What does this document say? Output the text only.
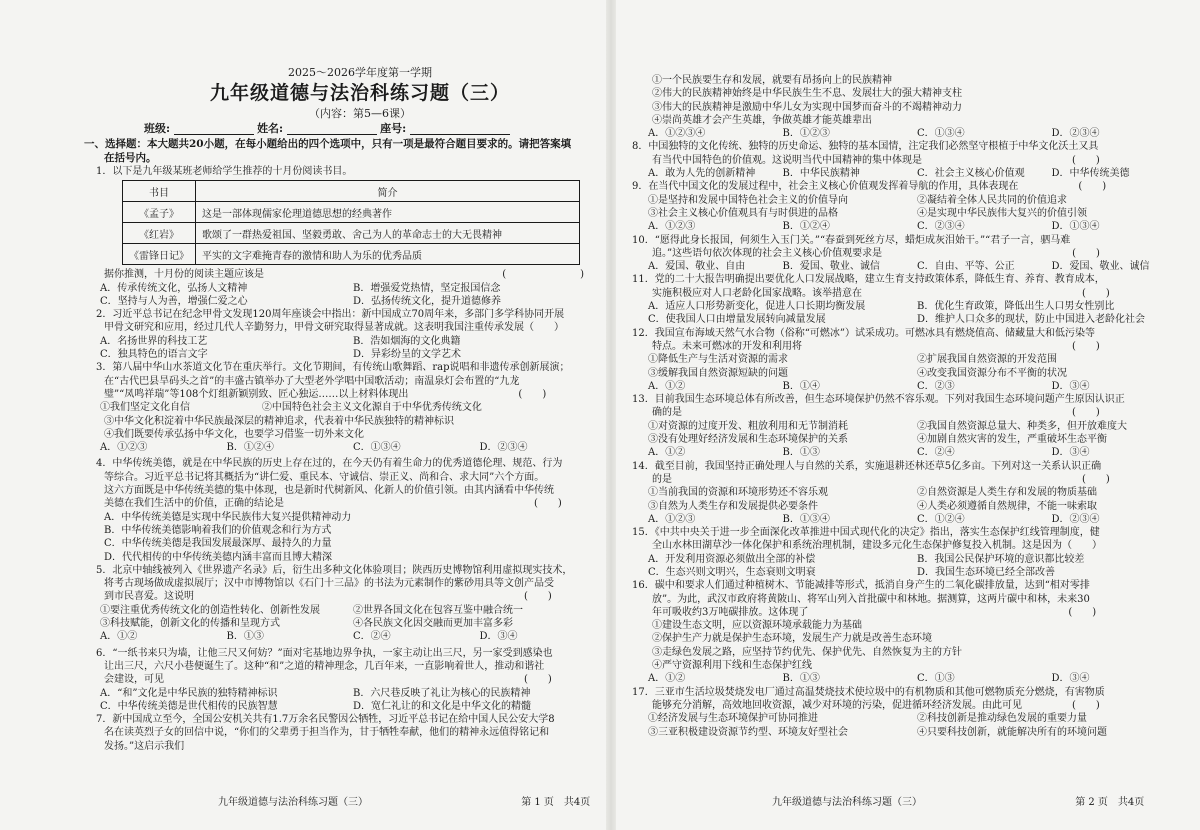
2025～2026学年度第一学期
九年级道德与法治科练习题（三）
（内容：第5—6课）
班级:	姓名:	座号:
一、选择题：本大题共20小题，在每小题给出的四个选项中，只有一项是最符合题目要求的。请把答案填
在括号内。
1．以下是九年级某班老师给学生推荐的十月份阅读书目。
书目	简介
《孟子》	这是一部体现儒家伦理道德思想的经典著作
《红岩》	歌颂了一群热爱祖国、坚毅勇敢、舍己为人的革命志士的大无畏精神
《雷锋日记》	平实的文字难掩青春的激情和助人为乐的优秀品质
据你推测，十月份的阅读主题应该是	(　　)
A．传承传统文化，弘扬人文精神	B．增强爱党热情，坚定报国信念
C．坚持与人为善，增强仁爱之心	D．弘扬传统文化，提升道德修养
2．习近平总书记在纪念甲骨文发现120周年座谈会中指出：新中国成立70周年来，多部门多学科协同开展
甲骨文研究和应用，经过几代人辛勤努力，甲骨文研究取得显著成就。这表明我国注重传承发展（　　）
A．名扬世界的科技工艺	B．浩如烟海的文化典籍
C．独具特色的语言文字	D．异彩纷呈的文学艺术
3．第八届中华山水茶道文化节在重庆举行。文化节期间，有传统山歌舞蹈、rap说唱和非遗传承创新展演；
在“古代巴县旱码头之首”的丰盛古镇举办了大型老外学唱中国歌活动；南温泉灯会布置的“九龙
璧”“凤鸣祥瑞”等108个灯组新颖别致、匠心独运……以上材料体现出　　　　　　　　　　　(　　)
①我们坚定文化自信	②中国特色社会主义文化源自于中华优秀传统文化
③中华文化积淀着中华民族最深层的精神追求，代表着中华民族独特的精神标识
④我们既要传承弘扬中华文化，也要学习借鉴一切外来文化
A．①②③	B．①②④	C．①③④	D．②③④
4．中华传统美德，就是在中华民族的历史上存在过的，在今天仍有着生命力的优秀道德伦理、规范、行为
等综合。习近平总书记将其概括为“讲仁爱、重民本、守诚信、崇正义、尚和合、求大同”六个方面。
这六方面既是中华传统美德的集中体现，也是新时代树新风、化新人的价值引领。由其内涵看中华传统
美德在我们生活中的价值，正确的结论是　　　　　　　　　　　　　　　　　　　　　　　　　(　　)
A．中华传统美德是实现中华民族伟大复兴提供精神动力
B．中华传统美德影响着我们的价值观念和行为方式
C．中华传统美德是我国发展最深厚、最持久的力量
D．代代相传的中华传统美德内涵丰富而且博大精深
5．北京中轴线被列入《世界遗产名录》后，衍生出多种文化体验项目；陕西历史博物馆利用虚拟现实技术，
将考古现场做成虚拟展厅；汉中市博物馆以《石门十三品》的书法为元素制作的紫砂用具等文创产品受
到市民喜爱。这说明　　　　　　　　　　　　　　　　　　　　　　　　　　　　　　　　　(　　)
①要注重优秀传统文化的创造性转化、创新性发展	②世界各国文化在包容互鉴中融合统一
③科技赋能，创新文化的传播和呈现方式	④各民族文化因交融而更加丰富多彩
A．①②	B．①③	C．②④	D．③④
6．“一纸书来只为墙，让他三尺又何妨？”面对宅基地边界争执，一家主动让出三尺，另一家受到感染也
让出三尺，六尺小巷便诞生了。这种“和”之道的精神理念，几百年来，一直影响着世人，推动和谐社
会建设，可见　　　　　　　　　　　　　　　　　　　　　　　　　　　　　　　　　　　　(　　)
A．“和”文化是中华民族的独特精神标识	B．六尺巷反映了礼让为核心的民族精神
C．中华传统美德是世代相传的民族智慧	D．宽仁礼让的和文化是中华文化的精髓
7．新中国成立至今，全国公安机关共有1.7万余名民警因公牺牲，习近平总书记在给中国人民公安大学8
名在读英烈子女的回信中说，“你们的父辈勇于担当作为，甘于牺牲奉献，他们的精神永远值得铭记和
发扬。”这启示我们
九年级道德与法治科练习题（三）	第 1 页　共4页
①一个民族要生存和发展，就要有昂扬向上的民族精神
②伟大的民族精神始终是中华民族生生不息、发展壮大的强大精神支柱
③伟大的民族精神是激励中华儿女为实现中国梦而奋斗的不竭精神动力
④崇尚英雄才会产生英雄，争做英雄才能英雄辈出
A．①②③④	B．①②③	C．①③④	D．②③④
8．中国独特的文化传统、独特的历史命运、独特的基本国情，注定我们必然坚守根植于中华文化沃土又具
有当代中国特色的价值观。这说明当代中国精神的集中体现是　　　　　　　　　　　　　　　(　　)
A．敢为人先的创新精神	B．中华民族精神	C．社会主义核心价值观	D．中华传统美德
9．在当代中国文化的发展过程中，社会主义核心价值观发挥着导航的作用，具体表现在　　　　　　(　　)
①是坚持和发展中国特色社会主义的价值导向	②凝结着全体人民共同的价值追求
③社会主义核心价值观具有与时俱进的品格	④是实现中华民族伟大复兴的价值引领
A．①②③	B．①②④	C．②③④	D．①③④
10．“愿得此身长报国，何须生入玉门关。”“春蚕到死丝方尽，蜡炬成灰泪始干。”“君子一言，驷马难
追。”这些语句依次体现的社会主义核心价值观要求是　　　　　　　　　　　　　　　　　　　(　　)
A．爱国、敬业、自由	B．爱国、敬业、诚信	C．自由、平等、公正	D．爱国、敬业、诚信
11．党的二十大报告明确提出要优化人口发展战略，建立生育支持政策体系，降低生育、养育、教育成本，
实施积极应对人口老龄化国家战略。该举措意在　　　　　　　　　　　　　　　　　　　　　　(　　)
A．适应人口形势新变化，促进人口长期均衡发展	B．优化生育政策，降低出生人口男女性别比
C．使我国人口由增量发展转向减量发展	D．维护人口众多的现状，防止中国进入老龄化社会
12．我国宣布海域天然气水合物（俗称“可燃冰”）试采成功。可燃冰具有燃烧值高、储藏量大和低污染等
特点。未来可燃冰的开发和利用将　　　　　　　　　　　　　　　　　　　　　　　　　　　(　　)
①降低生产与生活对资源的需求	②扩展我国自然资源的开发范围
③缓解我国自然资源短缺的问题	④改变我国资源分布不平衡的状况
A．①②	B．①④	C．②③	D．③④
13．目前我国生态环境总体有所改善，但生态环境保护仍然不容乐观。下列对我国生态环境问题产生原因认识正
确的是　　　　　　　　　　　　　　　　　　　　　　　　　　　　　　　　　　　　　　　(　　)
①对资源的过度开发、粗放利用和无节制消耗	②我国自然资源总量大、种类多，但开放难度大
③没有处理好经济发展和生态环境保护的关系	④加剧自然灾害的发生，严重破坏生态平衡
A．①②	B．①③	C．②④	D．③④
14．截至目前，我国坚持正确处理人与自然的关系，实施退耕还林还草5亿多亩。下列对这一关系认识正确
的是　　　　　　　　　　　　　　　　　　　　　　　　　　　　　　　　　　　　　　　　　(　　)
①当前我国的资源和环境形势还不容乐观	②自然资源是人类生存和发展的物质基础
③自然为人类生存和发展提供必要条件	④人类必须遵循自然规律，不能一味索取
A．①②③	B．①③④	C．①②④	D．②③④
15．《中共中央关于进一步全面深化改革推进中国式现代化的决定》指出，落实生态保护红线管理制度，健
全山水林田湖草沙一体化保护和系统治理机制，建设多元化生态保护修复投入机制。这是因为（　　）
A．开发利用资源必须做出全部的补偿	B．我国公民保护环境的意识都比较差
C．生态兴则文明兴，生态衰则文明衰	D．我国生态环境已经全部改善
16．碳中和要求人们通过种植树木、节能减排等形式，抵消自身产生的二氧化碳排放量，达到“相对零排
放”。为此，武汉市政府将黄陂山、将军山列入首批碳中和林地。据测算，这两片碳中和林，未来30
年可吸收约3万吨碳排放。这体现了　　　　　　　　　　　　　　　　　　　　　　　　　　(　　)
①建设生态文明，应以资源环境承载能力为基础
②保护生产力就是保护生态环境，发展生产力就是改善生态环境
③走绿色发展之路，应坚持节约优先、保护优先、自然恢复为主的方针
④严守资源利用下线和生态保护红线
A．①②	B．①③	C．①③	D．③④
17．三亚市生活垃圾焚烧发电厂通过高温焚烧技术使垃圾中的有机物质和其他可燃物质充分燃烧，有害物质
能够充分消解，高效地回收资源，减少对环境的污染，促进循环经济发展。由此可见　　　　　(　　)
①经济发展与生态环境保护可协同推进	②科技创新是推动绿色发展的重要力量
③三亚积极建设资源节约型、环境友好型社会	④只要科技创新，就能解决所有的环境问题
九年级道德与法治科练习题（三）	第 2 页　共4页
